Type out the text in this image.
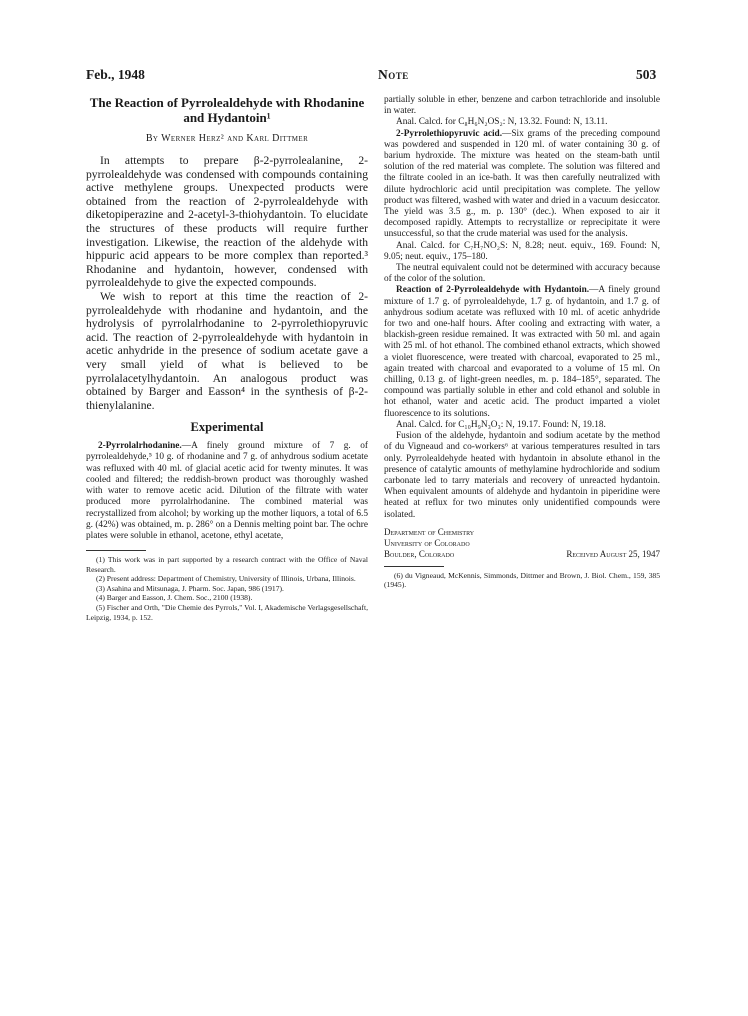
Feb., 1948	Note	503
The Reaction of Pyrrolealdehyde with Rhodanine and Hydantoin¹
By Werner Herz² and Karl Dittmer

In attempts to prepare β-2-pyrrolealanine, 2-pyrrolealdehyde was condensed with compounds containing active methylene groups. Unexpected products were obtained from the reaction of 2-pyrrolealdehyde with diketopiperazine and 2-acetyl-3-thiohydantoin. To elucidate the structures of these products will require further investigation. Likewise, the reaction of the aldehyde with hippuric acid appears to be more complex than reported.³ Rhodanine and hydantoin, however, condensed with pyrrolealdehyde to give the expected compounds.

We wish to report at this time the reaction of 2-pyrrolealdehyde with rhodanine and hydantoin, and the hydrolysis of pyrrolalrhodanine to 2-pyrrolethiopyruvic acid. The reaction of 2-pyrrolealdehyde with hydantoin in acetic anhydride in the presence of sodium acetate gave a very small yield of what is believed to be pyrrolalacetylhydantoin. An analogous product was obtained by Barger and Easson⁴ in the synthesis of β-2-thienylalanine.

Experimental

2-Pyrrolalrhodanine.—A finely ground mixture of 7 g. of pyrrolealdehyde,⁵ 10 g. of rhodanine and 7 g. of anhydrous sodium acetate was refluxed with 40 ml. of glacial acetic acid for twenty minutes. It was cooled and filtered; the reddish-brown product was thoroughly washed with water to remove acetic acid. Dilution of the filtrate with water produced more pyrrolalrhodanine. The combined material was recrystallized from alcohol; by working up the mother liquors, a total of 6.5 g. (42%) was obtained, m. p. 286° on a Dennis melting point bar. The ochre plates were soluble in ethanol, acetone, ethyl acetate,

(1) This work was in part supported by a research contract with the Office of Naval Research.

(2) Present address: Department of Chemistry, University of Illinois, Urbana, Illinois.

(3) Asahina and Mitsunaga, J. Pharm. Soc. Japan, 986 (1917).

(4) Barger and Easson, J. Chem. Soc., 2100 (1938).

(5) Fischer and Orth, "Die Chemie des Pyrrols," Vol. I, Akademische Verlagsgesellschaft, Leipzig, 1934, p. 152.

partially soluble in ether, benzene and carbon tetrachloride and insoluble in water.

Anal. Calcd. for C₈H₆N₂OS₂: N, 13.32. Found: N, 13.11.

2-Pyrrolethiopyruvic acid.—Six grams of the preceding compound was powdered and suspended in 120 ml. of water containing 30 g. of barium hydroxide. The mixture was heated on the steam-bath until solution of the red material was complete. The solution was filtered and the filtrate cooled in an ice-bath. It was then carefully neutralized with dilute hydrochloric acid until precipitation was complete. The yellow product was filtered, washed with water and dried in a vacuum desiccator. The yield was 3.5 g., m. p. 130° (dec.). When exposed to air it decomposed rapidly. Attempts to recrystallize or reprecipitate it were unsuccessful, so that the crude material was used for the analysis.

Anal. Calcd. for C₇H₇NO₂S: N, 8.28; neut. equiv., 169. Found: N, 9.05; neut. equiv., 175–180.

The neutral equivalent could not be determined with accuracy because of the color of the solution.

Reaction of 2-Pyrrolealdehyde with Hydantoin.—A finely ground mixture of 1.7 g. of pyrrolealdehyde, 1.7 g. of hydantoin, and 1.7 g. of anhydrous sodium acetate was refluxed with 10 ml. of acetic anhydride for two and one-half hours. After cooling and extracting with water, a blackish-green residue remained. It was extracted with 50 ml. and again with 25 ml. of hot ethanol. The combined ethanol extracts, which showed a violet fluorescence, were treated with charcoal, evaporated to 25 ml., again treated with charcoal and evaporated to a volume of 15 ml. On chilling, 0.13 g. of light-green needles, m. p. 184–185°, separated. The compound was partially soluble in ether and cold ethanol and soluble in hot ethanol, water and acetic acid. The product imparted a violet fluorescence to its solutions.

Anal. Calcd. for C₁₀H₉N₃O₃: N, 19.17. Found: N, 19.18.

Fusion of the aldehyde, hydantoin and sodium acetate by the method of du Vigneaud and co-workers⁶ at various temperatures resulted in tars only. Pyrrolealdehyde heated with hydantoin in absolute ethanol in the presence of catalytic amounts of methylamine hydrochloride and sodium carbonate led to tarry materials and recovery of unreacted hydantoin. When equivalent amounts of aldehyde and hydantoin in piperidine were heated at reflux for two minutes only unidentified compounds were isolated.

Department of Chemistry
University of Colorado
Boulder, Colorado	Received August 25, 1947

(6) du Vigneaud, McKennis, Simmonds, Dittmer and Brown, J. Biol. Chem., 159, 385 (1945).
